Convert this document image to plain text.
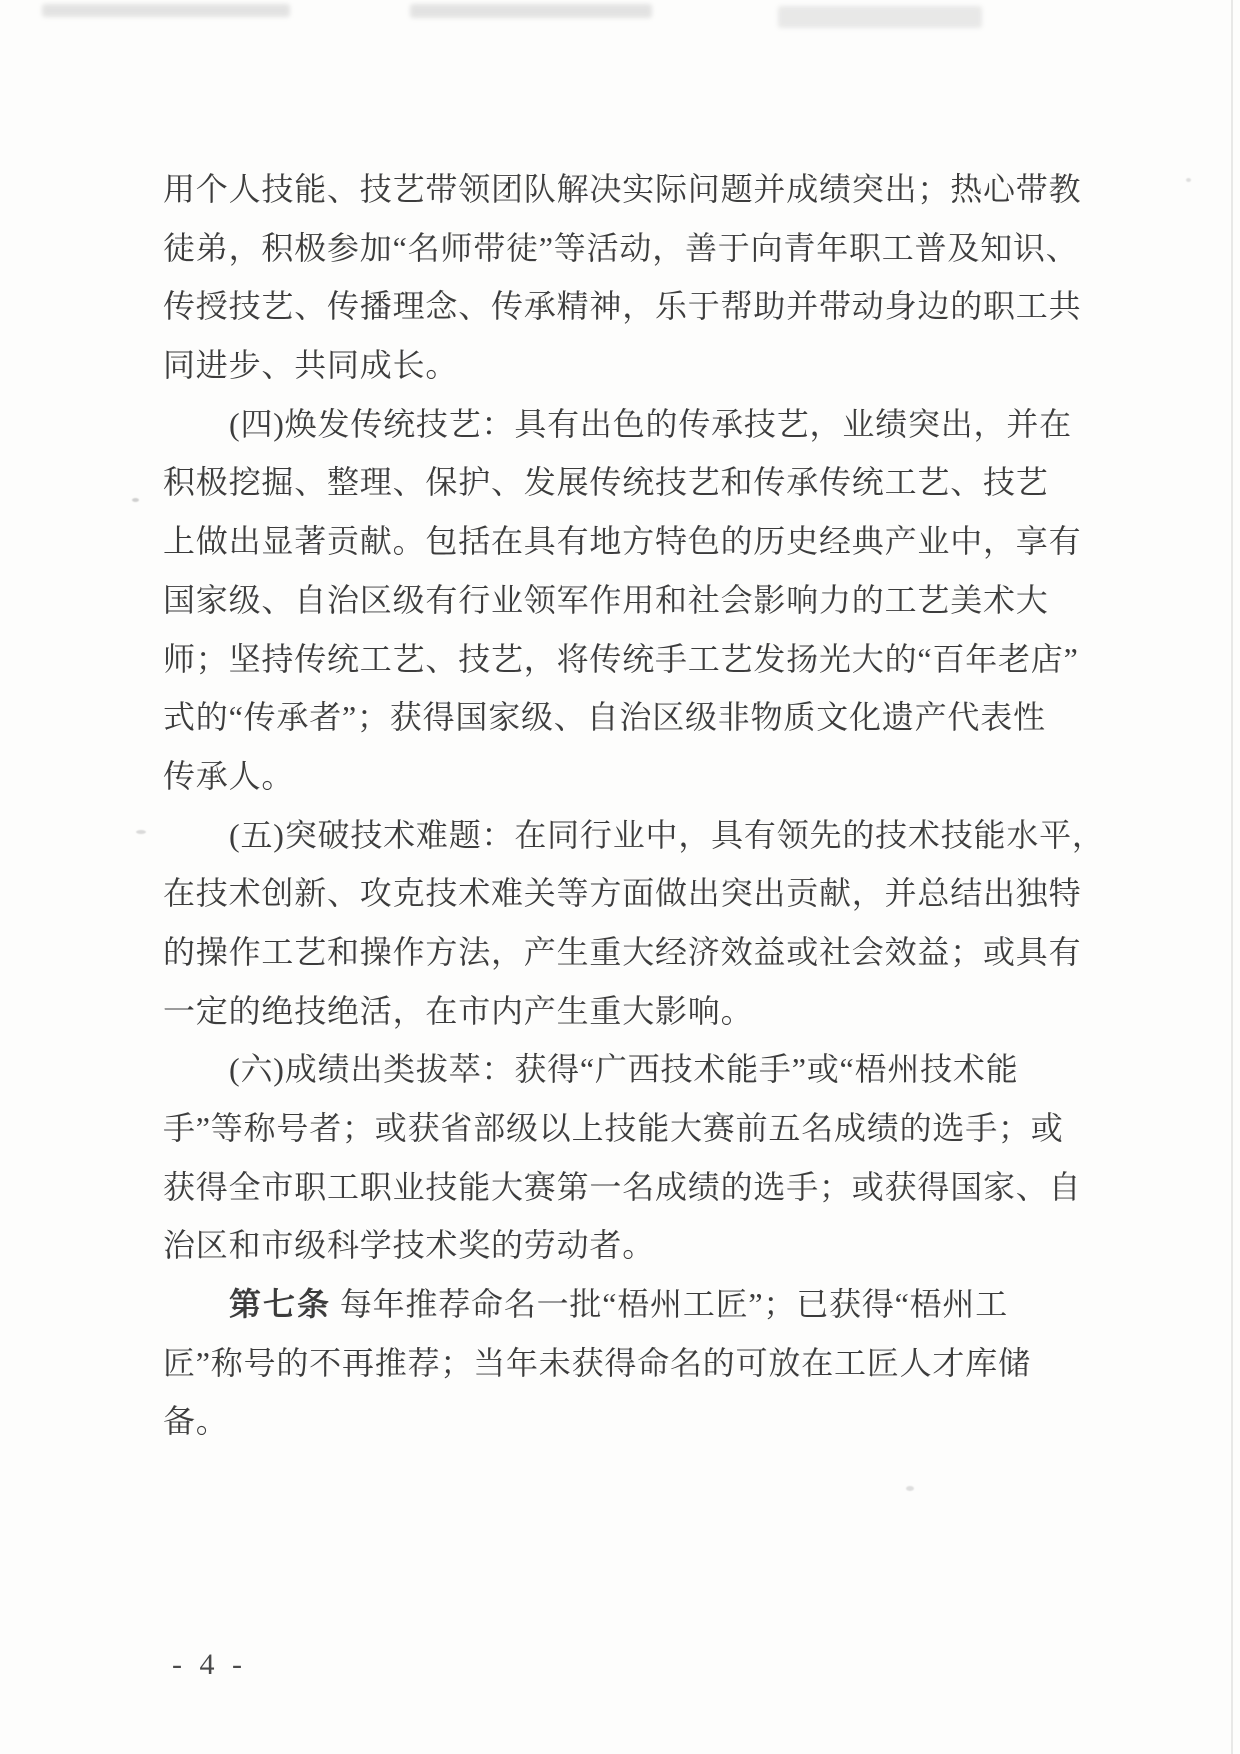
用个人技能、技艺带领团队解决实际问题并成绩突出；热心带教
徒弟，积极参加“名师带徒”等活动，善于向青年职工普及知识、
传授技艺、传播理念、传承精神，乐于帮助并带动身边的职工共
同进步、共同成长。
(四)焕发传统技艺：具有出色的传承技艺，业绩突出，并在
积极挖掘、整理、保护、发展传统技艺和传承传统工艺、技艺
上做出显著贡献。包括在具有地方特色的历史经典产业中，享有
国家级、自治区级有行业领军作用和社会影响力的工艺美术大
师；坚持传统工艺、技艺，将传统手工艺发扬光大的“百年老店”
式的“传承者”；获得国家级、自治区级非物质文化遗产代表性
传承人。
(五)突破技术难题：在同行业中，具有领先的技术技能水平，
在技术创新、攻克技术难关等方面做出突出贡献，并总结出独特
的操作工艺和操作方法，产生重大经济效益或社会效益；或具有
一定的绝技绝活，在市内产生重大影响。
(六)成绩出类拔萃：获得“广西技术能手”或“梧州技术能
手”等称号者；或获省部级以上技能大赛前五名成绩的选手；或
获得全市职工职业技能大赛第一名成绩的选手；或获得国家、自
治区和市级科学技术奖的劳动者。
第七条 每年推荐命名一批“梧州工匠”；已获得“梧州工
匠”称号的不再推荐；当年未获得命名的可放在工匠人才库储
备。
- 4 -
